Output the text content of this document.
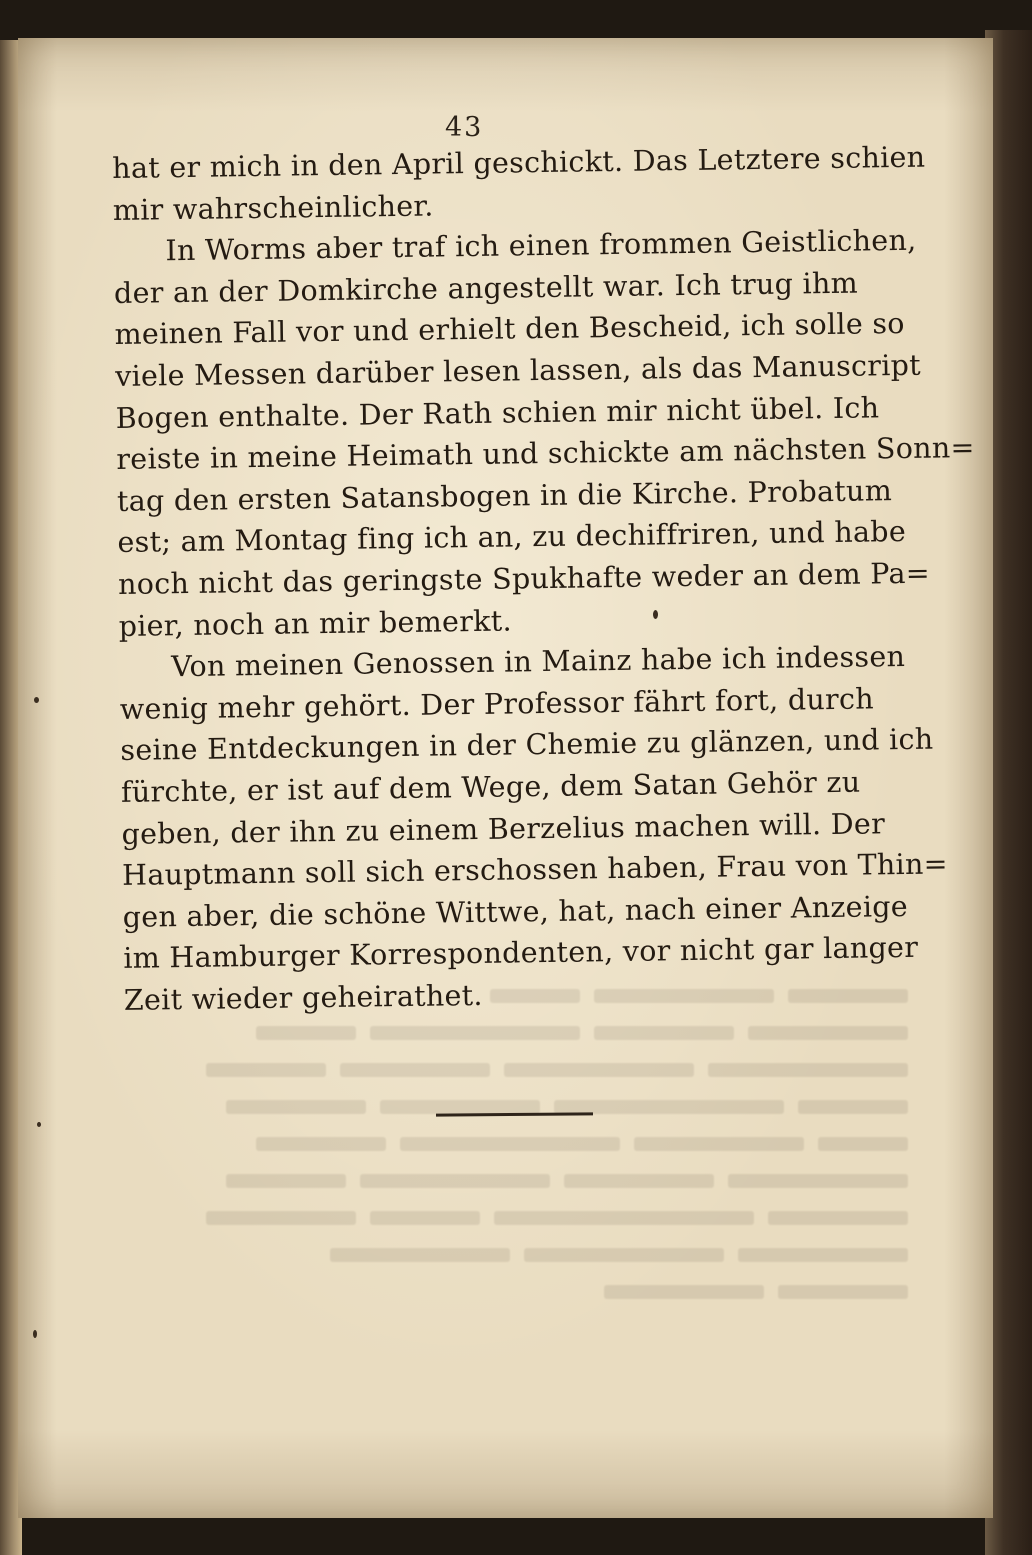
43
hat er mich in den April geschickt. Das Letztere schien
mir wahrscheinlicher.
In Worms aber traf ich einen frommen Geistlichen,
der an der Domkirche angestellt war. Ich trug ihm
meinen Fall vor und erhielt den Bescheid, ich solle so
viele Messen darüber lesen lassen, als das Manuscript
Bogen enthalte. Der Rath schien mir nicht übel. Ich
reiste in meine Heimath und schickte am nächsten Sonn=
tag den ersten Satansbogen in die Kirche. Probatum
est; am Montag fing ich an, zu dechiffriren, und habe
noch nicht das geringste Spukhafte weder an dem Pa=
pier, noch an mir bemerkt.
Von meinen Genossen in Mainz habe ich indessen
wenig mehr gehört. Der Professor fährt fort, durch
seine Entdeckungen in der Chemie zu glänzen, und ich
fürchte, er ist auf dem Wege, dem Satan Gehör zu
geben, der ihn zu einem Berzelius machen will. Der
Hauptmann soll sich erschossen haben, Frau von Thin=
gen aber, die schöne Wittwe, hat, nach einer Anzeige
im Hamburger Korrespondenten, vor nicht gar langer
Zeit wieder geheirathet.
